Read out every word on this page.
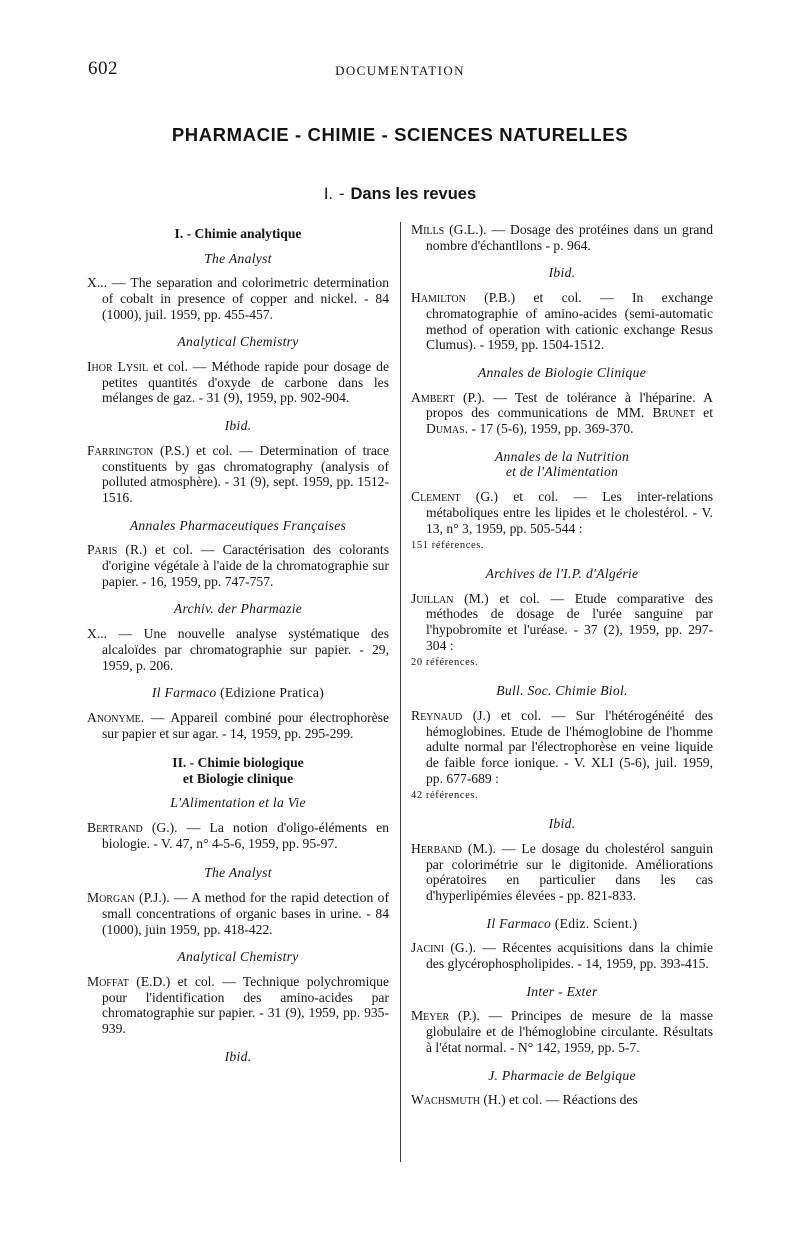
602	DOCUMENTATION
PHARMACIE - CHIMIE - SCIENCES NATURELLES
I. - Dans les revues
I. - Chimie analytique
The Analyst

X... — The separation and colorimetric determination of cobalt in presence of copper and nickel. - 84 (1000), juil. 1959, pp. 455-457.

Analytical Chemistry

Ihor Lysil et col. — Méthode rapide pour dosage de petites quantités d'oxyde de carbone dans les mélanges de gaz. - 31 (9), 1959, pp. 902-904.

Ibid.

Farrington (P.S.) et col. — Determination of trace constituents by gas chromatography (analysis of polluted atmosphère). - 31 (9), sept. 1959, pp. 1512-1516.

Annales Pharmaceutiques Françaises

Paris (R.) et col. — Caractérisation des colorants d'origine végétale à l'aide de la chromatographie sur papier. - 16, 1959, pp. 747-757.

Archiv. der Pharmazie

X... — Une nouvelle analyse systématique des alcaloïdes par chromatographie sur papier. - 29, 1959, p. 206.

Il Farmaco (Edizione Pratica)

Anonyme. — Appareil combiné pour électrophorèse sur papier et sur agar. - 14, 1959, pp. 295-299.

II. - Chimie biologique
et Biologie clinique
L'Alimentation et la Vie

Bertrand (G.). — La notion d'oligo-éléments en biologie. - V. 47, n° 4-5-6, 1959, pp. 95-97.

The Analyst

Morgan (P.J.). — A method for the rapid detection of small concentrations of organic bases in urine. - 84 (1000), juin 1959, pp. 418-422.

Analytical Chemistry

Moffat (E.D.) et col. — Technique polychromique pour l'identification des amino-acides par chromatographie sur papier. - 31 (9), 1959, pp. 935-939.

Ibid.

Mills (G.L.). — Dosage des protéines dans un grand nombre d'échantllons - p. 964.

Ibid.

Hamilton (P.B.) et col. — In exchange chromatographie of amino-acides (semi-automatic method of operation with cationic exchange Resus Clumus). - 1959, pp. 1504-1512.

Annales de Biologie Clinique

Ambert (P.). — Test de tolérance à l'héparine. A propos des communications de MM. Brunet et Dumas. - 17 (5-6), 1959, pp. 369-370.

Annales de la Nutrition
et de l'Alimentation

Clement (G.) et col. — Les inter-relations métaboliques entre les lipides et le cholestérol. - V. 13, n° 3, 1959, pp. 505-544 :
151 références.

Archives de l'I.P. d'Algérie

Juillan (M.) et col. — Etude comparative des méthodes de dosage de l'urée sanguine par l'hypobromite et l'uréase. - 37 (2), 1959, pp. 297-304 :
20 références.

Bull. Soc. Chimie Biol.

Reynaud (J.) et col. — Sur l'hétérogénéité des hémoglobines. Etude de l'hémoglobine de l'homme adulte normal par l'électrophorèse en veine liquide de faible force ionique. - V. XLI (5-6), juil. 1959, pp. 677-689 :
42 références.

Ibid.

Herband (M.). — Le dosage du cholestérol sanguin par colorimétrie sur le digitonide. Améliorations opératoires en particulier dans les cas d'hyperlipémies élevées - pp. 821-833.

Il Farmaco (Ediz. Scient.)

Jacini (G.). — Récentes acquisitions dans la chimie des glycérophospholipides. - 14, 1959, pp. 393-415.

Inter - Exter

Meyer (P.). — Principes de mesure de la masse globulaire et de l'hémoglobine circulante. Résultats à l'état normal. - N° 142, 1959, pp. 5-7.

J. Pharmacie de Belgique

Wachsmuth (H.) et col. — Réactions des
